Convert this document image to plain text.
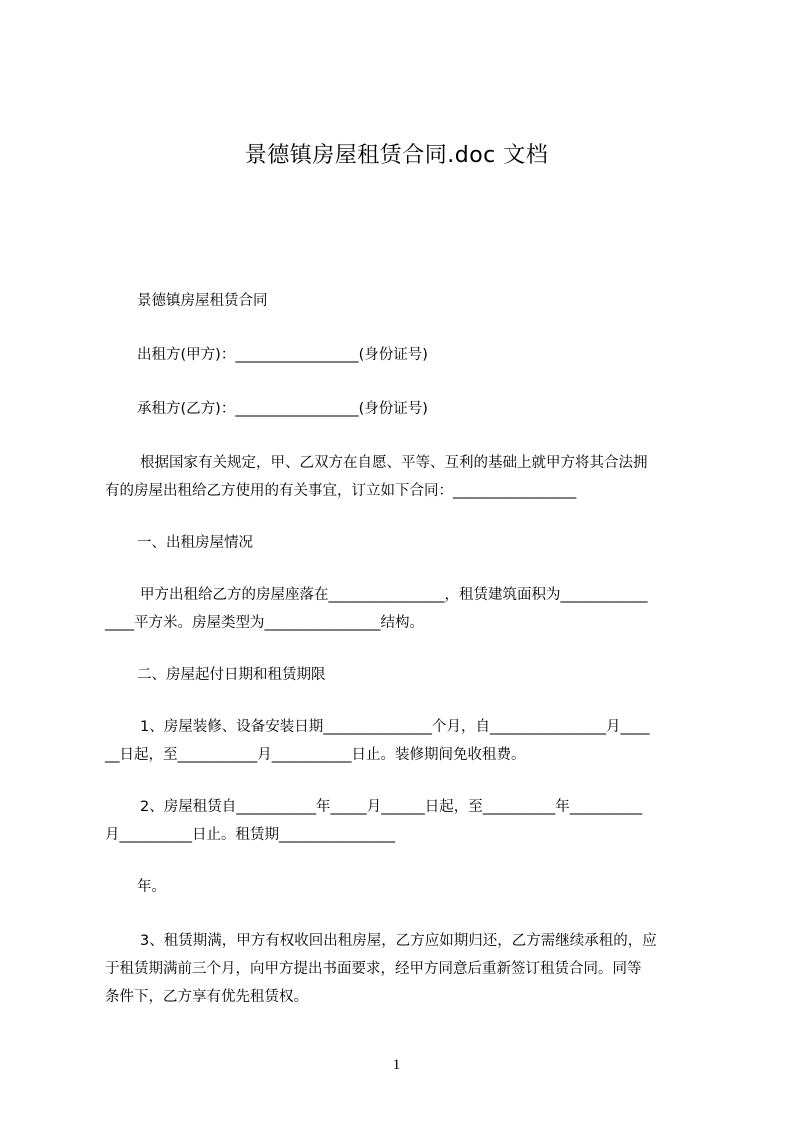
景德镇房屋租赁合同.doc 文档
景德镇房屋租赁合同
出租方(甲方)：_________________(身份证号)
承租方(乙方)：_________________(身份证号)
根据国家有关规定，甲、乙双方在自愿、平等、互利的基础上就甲方将其合法拥
有的房屋出租给乙方使用的有关事宜，订立如下合同：_________________
一、出租房屋情况
甲方出租给乙方的房屋座落在________________，租赁建筑面积为____________
____平方米。房屋类型为________________结构。
二、房屋起付日期和租赁期限
1、房屋装修、设备安装日期_______________个月，自________________月____
__日起，至___________月___________日止。装修期间免收租费。
2、房屋租赁自___________年_____月______日起，至__________年__________
月__________日止。租赁期________________
年。
3、租赁期满，甲方有权收回出租房屋，乙方应如期归还，乙方需继续承租的，应
于租赁期满前三个月，向甲方提出书面要求，经甲方同意后重新签订租赁合同。同等
条件下，乙方享有优先租赁权。
1
